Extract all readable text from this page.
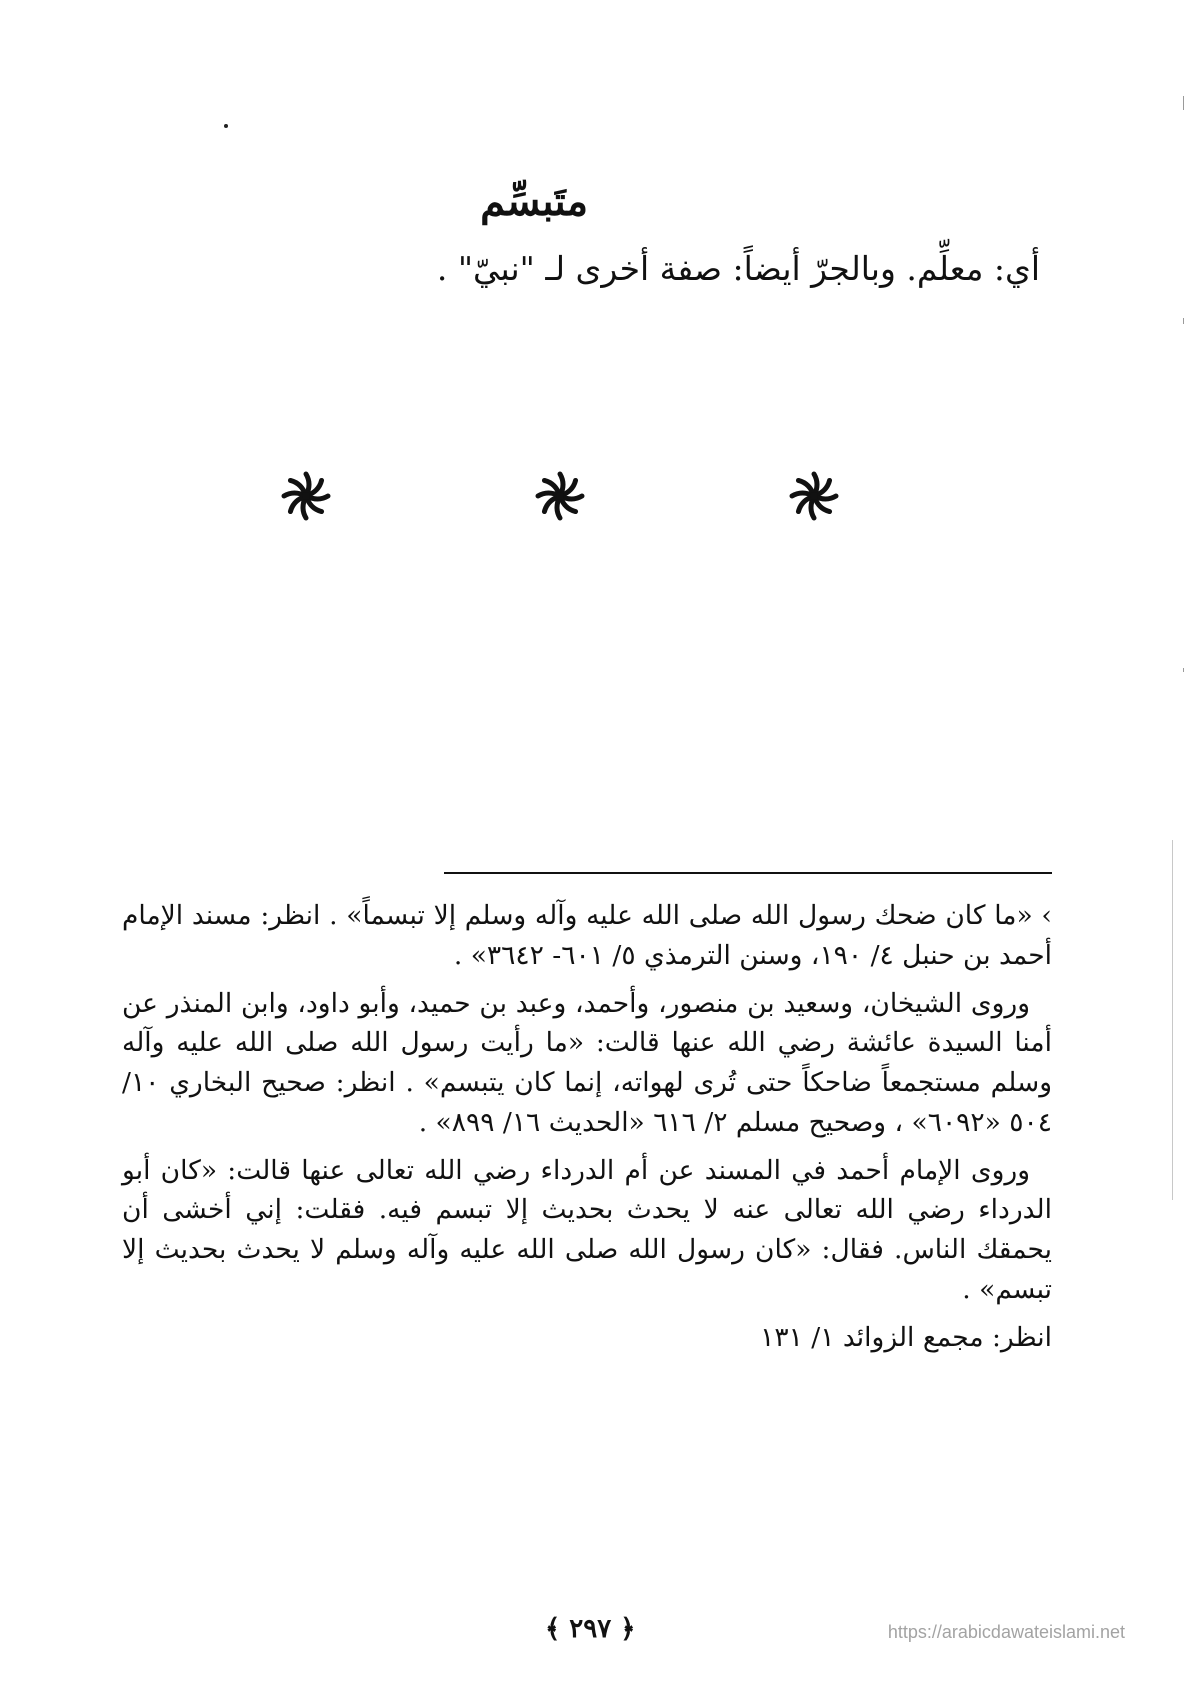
متَبسِّم
أي: معلِّم. وبالجرّ أيضاً: صفة أخرى لـ "نبيّ" .

› «ما كان ضحك رسول الله صلى الله عليه وآله وسلم إلا تبسماً» . انظر: مسند الإمام أحمد بن حنبل ٤/ ١٩٠، وسنن الترمذي ٥/ ٦٠١- ٣٦٤٢» .

وروى الشيخان، وسعيد بن منصور، وأحمد، وعبد بن حميد، وأبو داود، وابن المنذر عن أمنا السيدة عائشة رضي الله عنها قالت: «ما رأيت رسول الله صلى الله عليه وآله وسلم مستجمعاً ضاحكاً حتى تُرى لهواته، إنما كان يتبسم» . انظر: صحيح البخاري ١٠/ ٥٠٤ «٦٠٩٢» ، وصحيح مسلم ٢/ ٦١٦ «الحديث ١٦/ ٨٩٩» .

وروى الإمام أحمد في المسند عن أم الدرداء رضي الله تعالى عنها قالت: «كان أبو الدرداء رضي الله تعالى عنه لا يحدث بحديث إلا تبسم فيه. فقلت: إني أخشى أن يحمقك الناس. فقال: «كان رسول الله صلى الله عليه وآله وسلم لا يحدث بحديث إلا تبسم» .

انظر: مجمع الزوائد ١/ ١٣١

﴿ ٢٩٧ ﴾	https://arabicdawateislami.net
